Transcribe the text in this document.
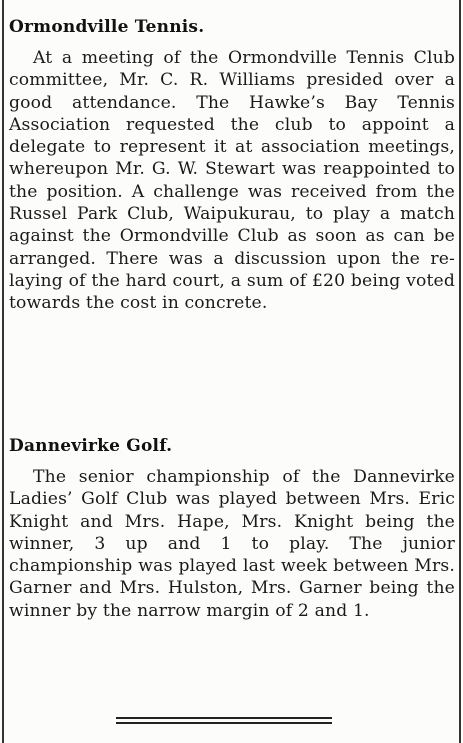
Ormondville Tennis.

At a meeting of the Ormondville Tennis Club committee, Mr. C. R. Williams presided over a good attendance. The Hawke’s Bay Tennis Association requested the club to appoint a delegate to represent it at association meetings, whereupon Mr. G. W. Stewart was reappointed to the position. A challenge was received from the Russel Park Club, Waipukurau, to play a match against the Ormondville Club as soon as can be arranged. There was a discussion upon the re-laying of the hard court, a sum of £20 being voted towards the cost in concrete.

Dannevirke Golf.

The senior championship of the Dannevirke Ladies’ Golf Club was played between Mrs. Eric Knight and Mrs. Hape, Mrs. Knight being the winner, 3 up and 1 to play. The junior championship was played last week between Mrs. Garner and Mrs. Hulston, Mrs. Garner being the winner by the narrow margin of 2 and 1.
